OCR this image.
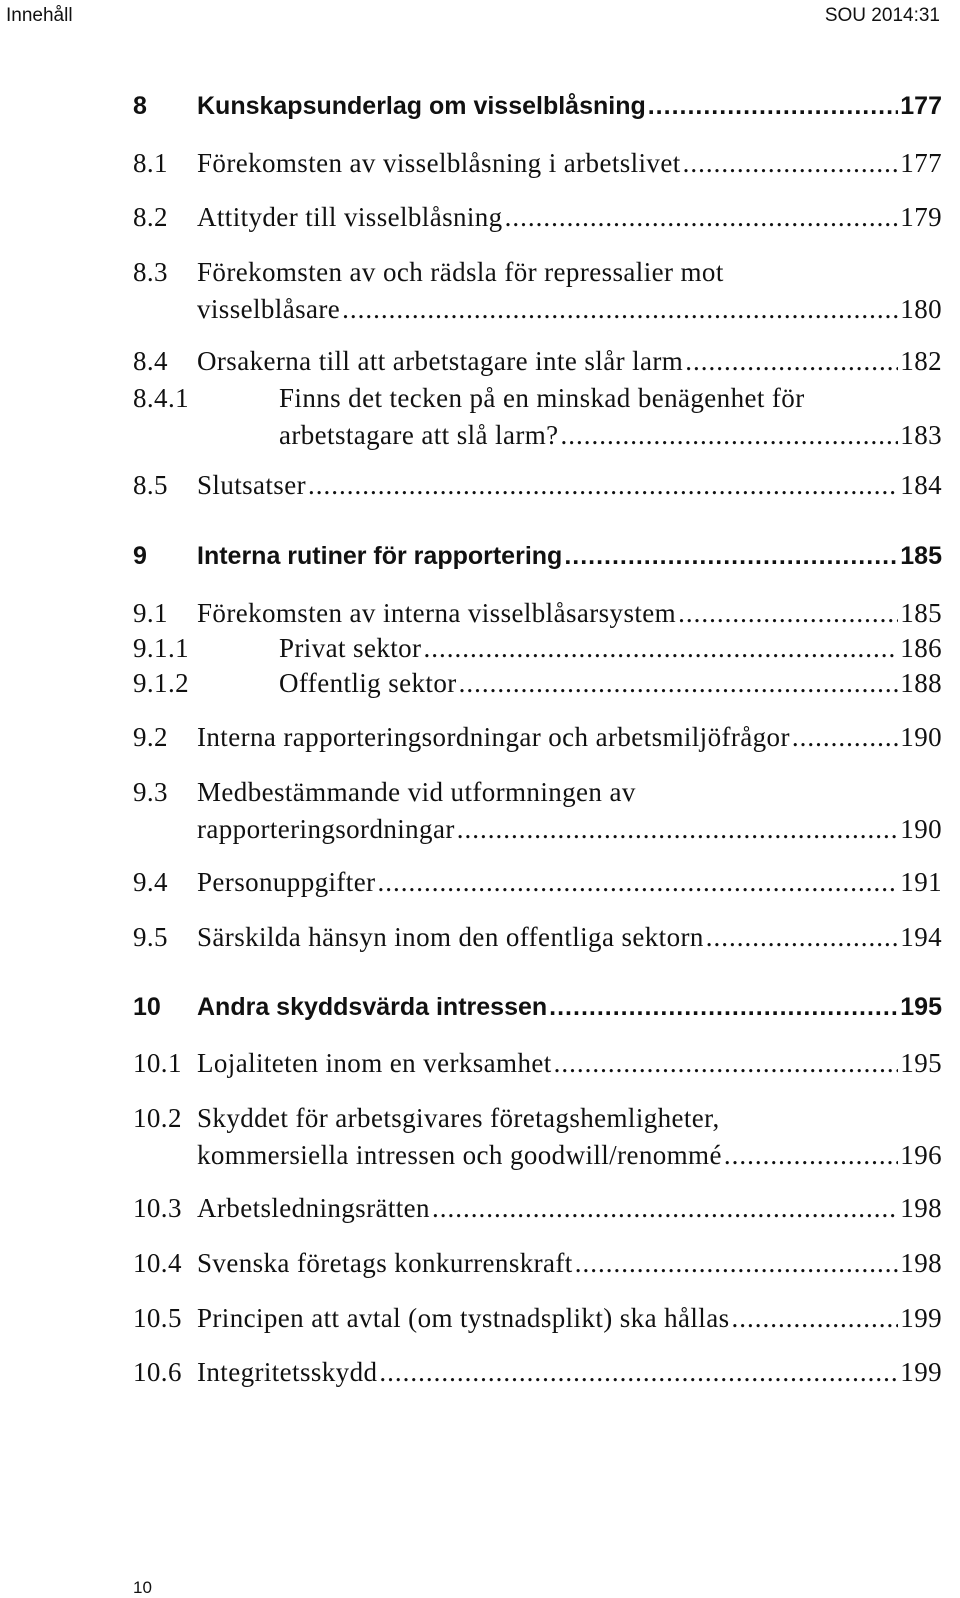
Innehåll	SOU 2014:31
8 Kunskapsunderlag om visselblåsning .....	177
8.1 Förekomsten av visselblåsning i arbetslivet .....	177
8.2 Attityder till visselblåsning .....	179
8.3 Förekomsten av och rädsla för repressalier mot
visselblåsare .....	180
8.4 Orsakerna till att arbetstagare inte slår larm .....	182
8.4.1	Finns det tecken på en minskad benägenhet för
arbetstagare att slå larm? .....	183
8.5 Slutsatser .....	184
9 Interna rutiner för rapportering .....	185
9.1 Förekomsten av interna visselblåsarsystem .....	185
9.1.1	Privat sektor .....	186
9.1.2	Offentlig sektor .....	188
9.2 Interna rapporteringsordningar och arbetsmiljöfrågor .....	190
9.3 Medbestämmande vid utformningen av
rapporteringsordningar .....	190
9.4 Personuppgifter .....	191
9.5 Särskilda hänsyn inom den offentliga sektorn .....	194
10 Andra skyddsvärda intressen .....	195
10.1 Lojaliteten inom en verksamhet .....	195
10.2 Skyddet för arbetsgivares företagshemligheter,
kommersiella intressen och goodwill/renommé .....	196
10.3 Arbetsledningsrätten .....	198
10.4 Svenska företags konkurrenskraft .....	198
10.5 Principen att avtal (om tystnadsplikt) ska hållas .....	199
10.6 Integritetsskydd .....	199
10
